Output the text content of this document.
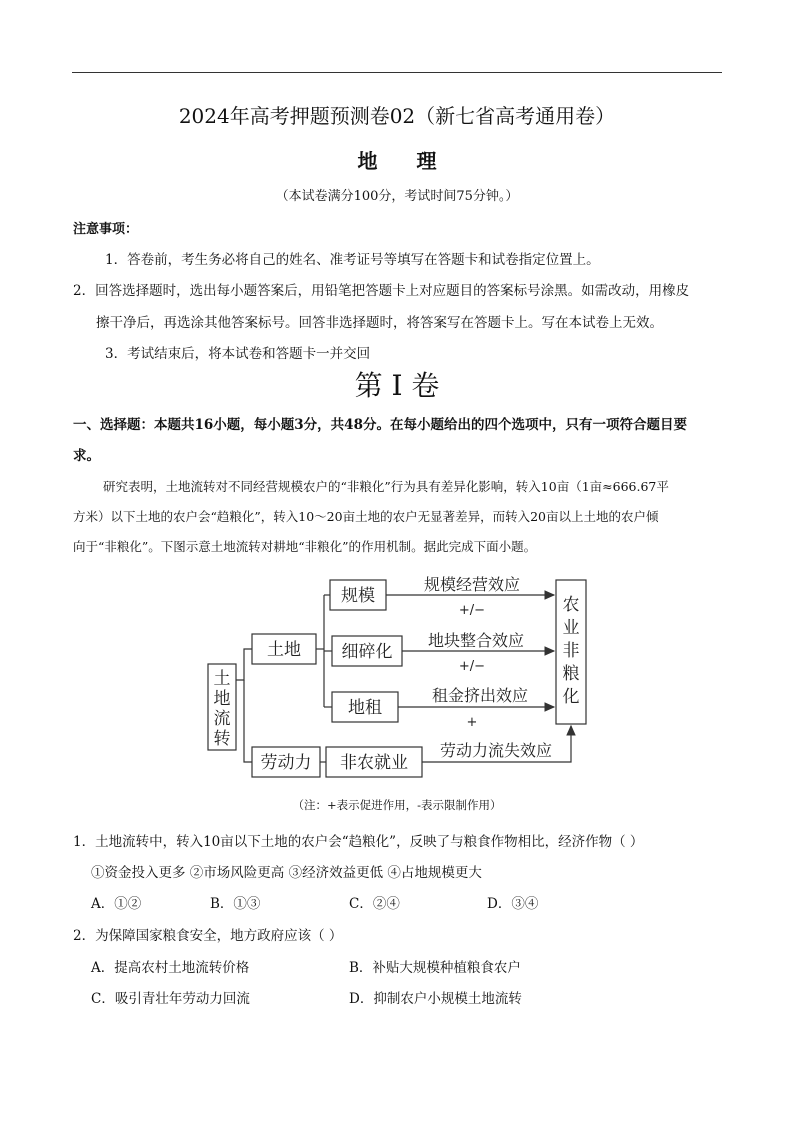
2024年高考押题预测卷02（新七省高考通用卷）
地 理
（本试卷满分100分，考试时间75分钟。）
注意事项：
1．答卷前，考生务必将自己的姓名、准考证号等填写在答题卡和试卷指定位置上。
2．回答选择题时，选出每小题答案后，用铅笔把答题卡上对应题目的答案标号涂黑。如需改动，用橡皮
擦干净后，再选涂其他答案标号。回答非选择题时，将答案写在答题卡上。写在本试卷上无效。
3．考试结束后，将本试卷和答题卡一并交回
第 I 卷
一、选择题：本题共16小题，每小题3分，共48分。在每小题给出的四个选项中，只有一项符合题目要
求。
研究表明，土地流转对不同经营规模农户的“非粮化”行为具有差异化影响，转入10亩（1亩≈666.67平
方米）以下土地的农户会“趋粮化”，转入10～20亩土地的农户无显著差异，而转入20亩以上土地的农户倾
向于“非粮化”。下图示意土地流转对耕地“非粮化”的作用机制。据此完成下面小题。
土
地
流
转
土地
劳动力
规模
细碎化
地租
非农就业
农
业
非
粮
化
规模经营效应
+/−
地块整合效应
+/−
租金挤出效应
+
劳动力流失效应
（注：+表示促进作用，-表示限制作用）
1．土地流转中，转入10亩以下土地的农户会“趋粮化”，反映了与粮食作物相比，经济作物（ ）
①资金投入更多 ②市场风险更高 ③经济效益更低 ④占地规模更大
A．①②	B．①③	C．②④	D．③④
2．为保障国家粮食安全，地方政府应该（ ）
A．提高农村土地流转价格	B．补贴大规模种植粮食农户
C．吸引青壮年劳动力回流	D．抑制农户小规模土地流转
